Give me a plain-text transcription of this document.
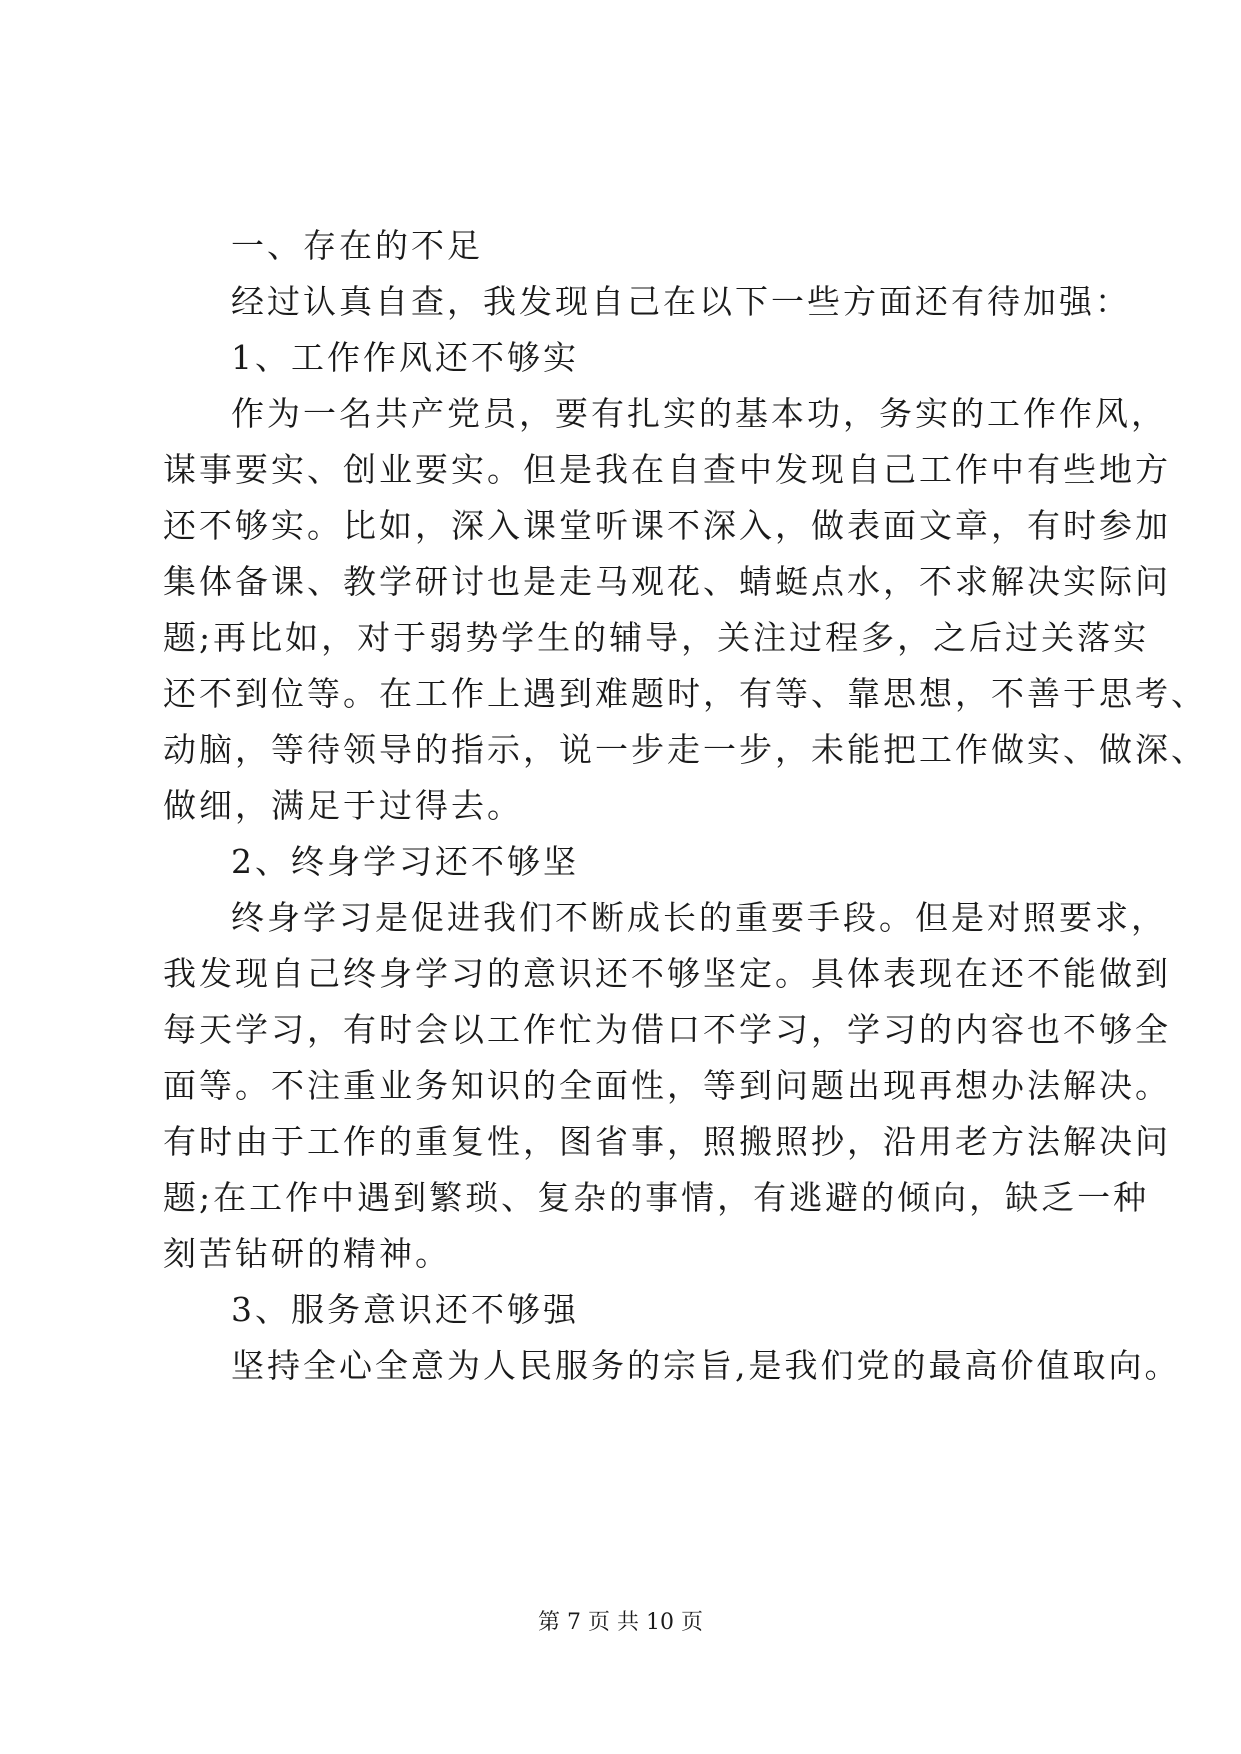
一、存在的不足
经过认真自查，我发现自己在以下一些方面还有待加强：
1、工作作风还不够实
作为一名共产党员，要有扎实的基本功，务实的工作作风，
谋事要实、创业要实。但是我在自查中发现自己工作中有些地方
还不够实。比如，深入课堂听课不深入，做表面文章，有时参加
集体备课、教学研讨也是走马观花、蜻蜓点水，不求解决实际问
题;再比如，对于弱势学生的辅导，关注过程多，之后过关落实
还不到位等。在工作上遇到难题时，有等、靠思想，不善于思考、
动脑，等待领导的指示，说一步走一步，未能把工作做实、做深、
做细，满足于过得去。
2、终身学习还不够坚
终身学习是促进我们不断成长的重要手段。但是对照要求，
我发现自己终身学习的意识还不够坚定。具体表现在还不能做到
每天学习，有时会以工作忙为借口不学习，学习的内容也不够全
面等。不注重业务知识的全面性，等到问题出现再想办法解决。
有时由于工作的重复性，图省事，照搬照抄，沿用老方法解决问
题;在工作中遇到繁琐、复杂的事情，有逃避的倾向，缺乏一种
刻苦钻研的精神。
3、服务意识还不够强
坚持全心全意为人民服务的宗旨,是我们党的最高价值取向。
第 7 页 共 10 页
